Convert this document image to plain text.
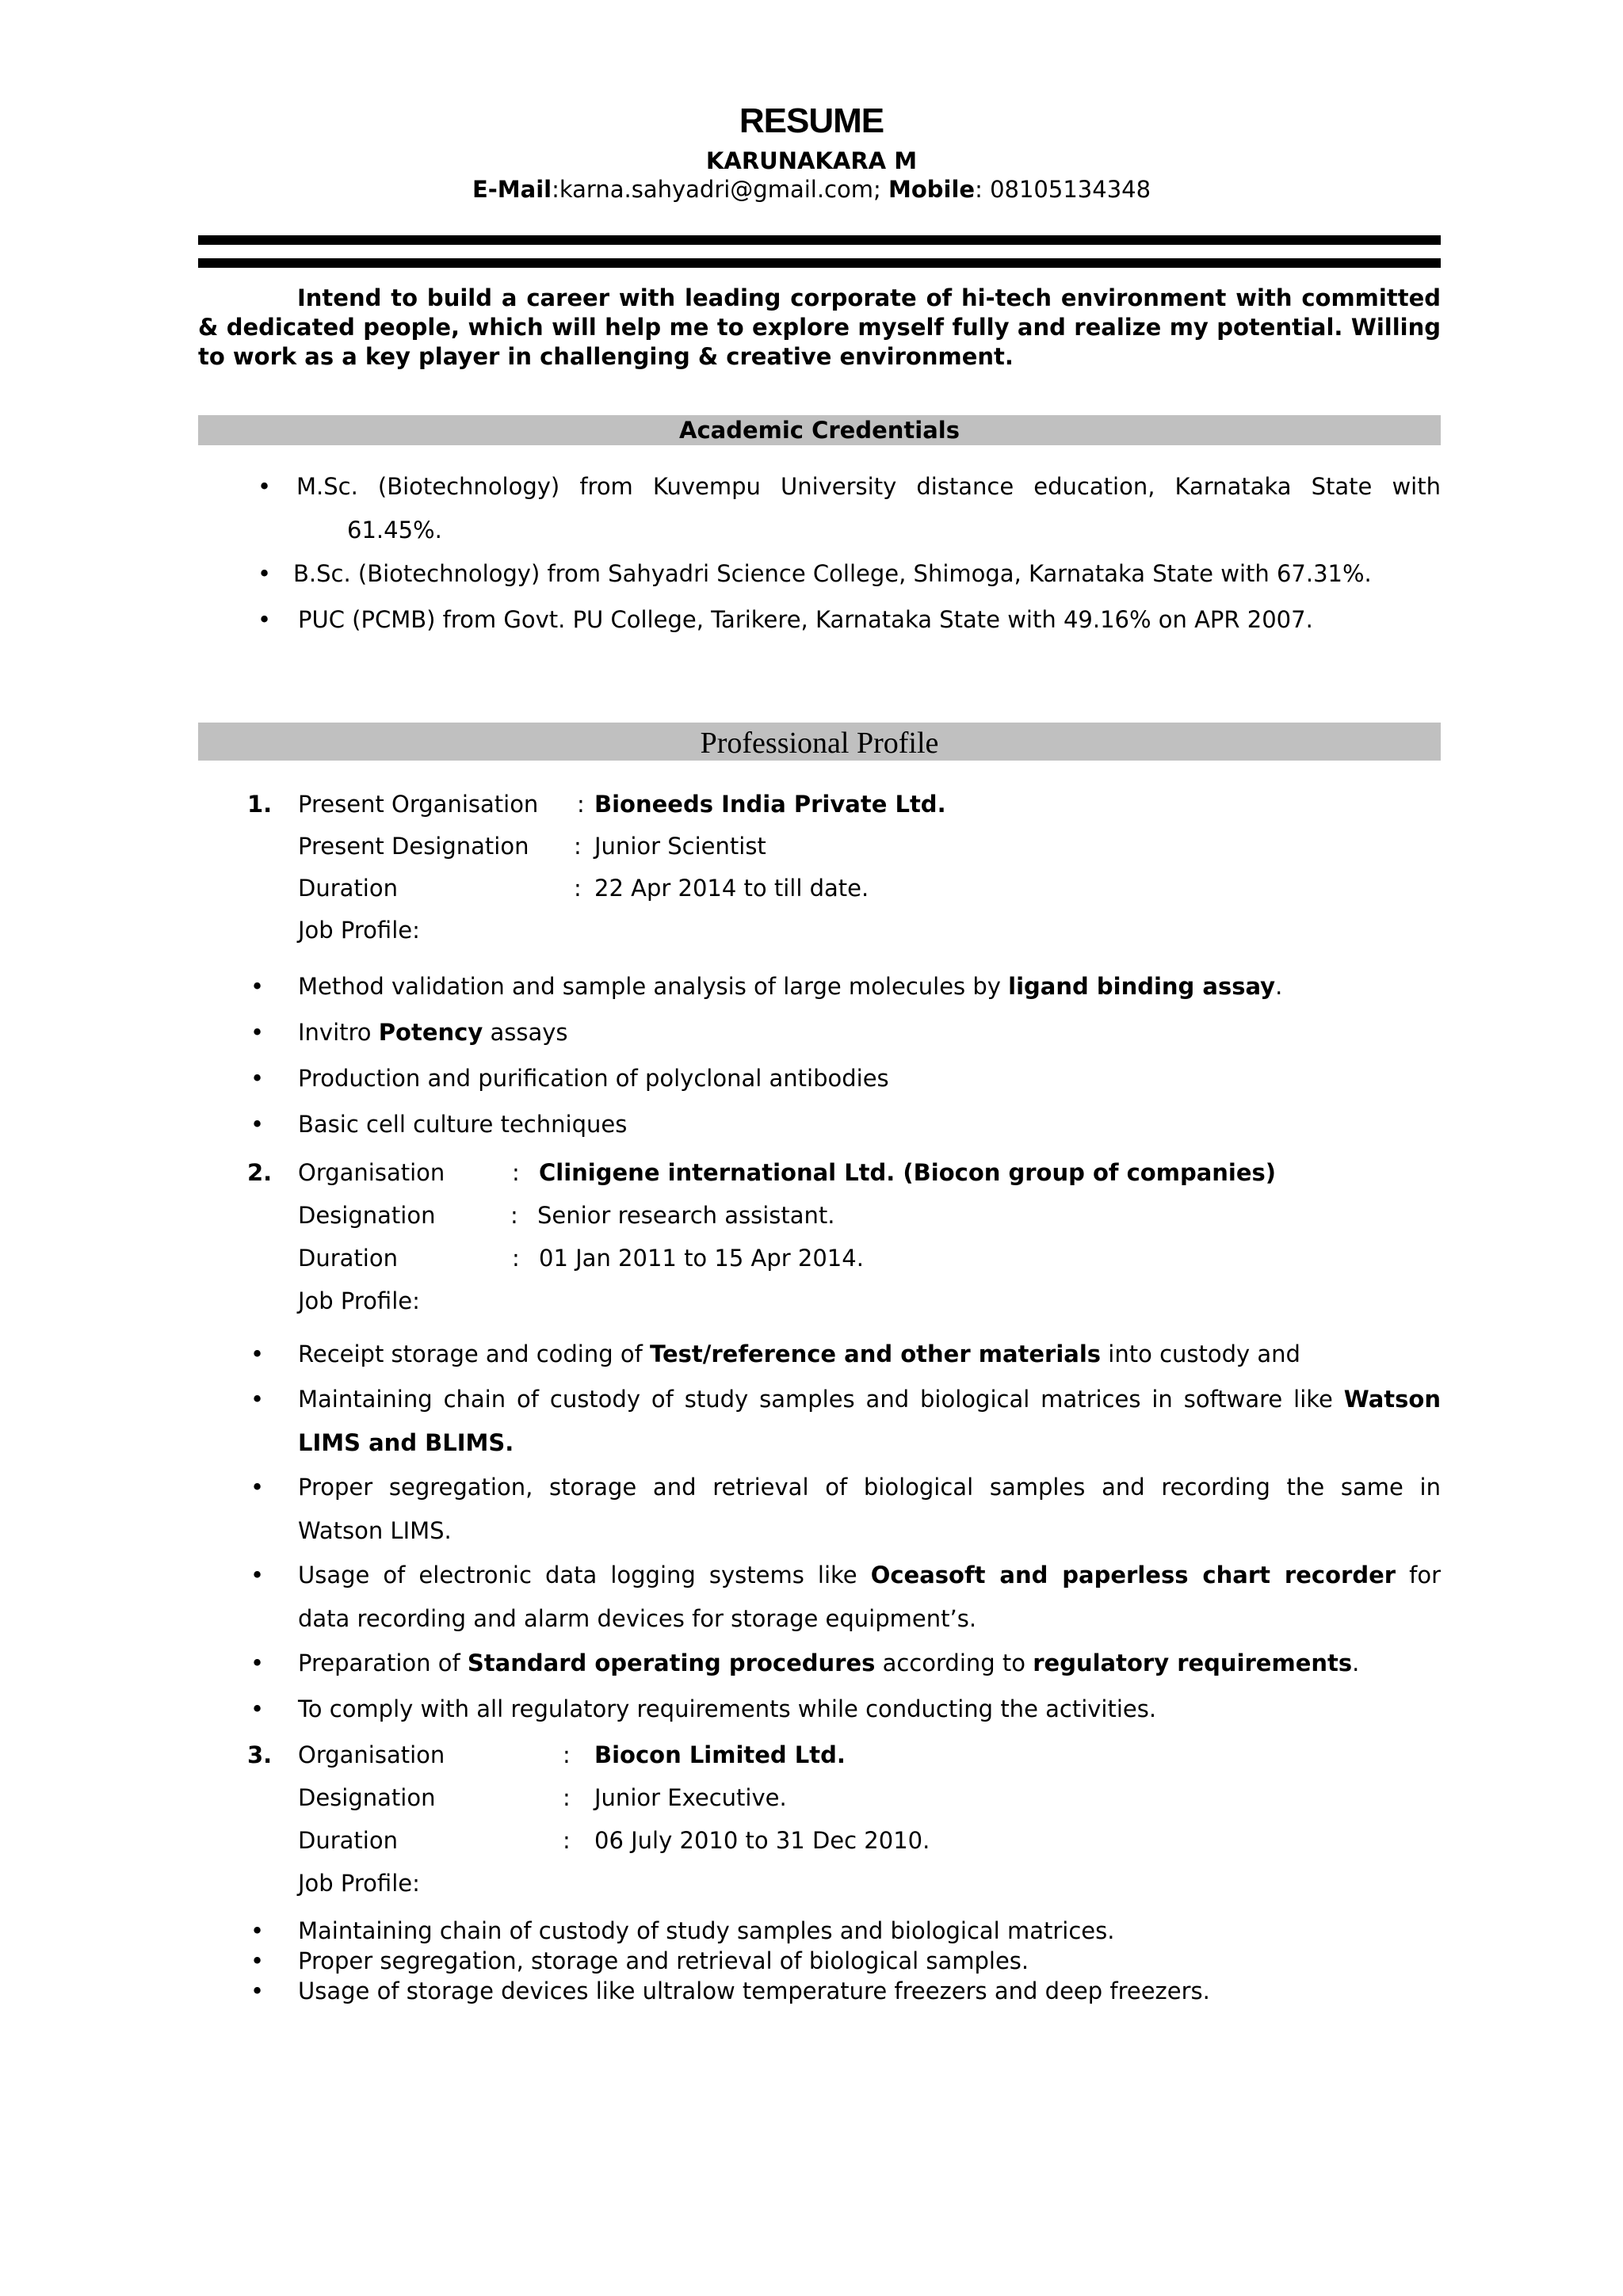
RESUME
KARUNAKARA M
E-Mail:karna.sahyadri@gmail.com; Mobile: 08105134348
Intend to build a career with leading corporate of hi-tech environment with committed & dedicated people, which will help me to explore myself fully and realize my potential. Willing to work as a key player in challenging & creative environment.
Academic Credentials
• M.Sc. (Biotechnology) from Kuvempu University distance education, Karnataka State with
61.45%.
• B.Sc. (Biotechnology) from Sahyadri Science College, Shimoga, Karnataka State with 67.31%.
• PUC (PCMB) from Govt. PU College, Tarikere, Karnataka State with 49.16% on APR 2007.
Professional Profile
1. Present Organisation : Bioneeds India Private Ltd.
Present Designation : Junior Scientist
Duration	: 22 Apr 2014 to till date.
Job Profile:
• Method validation and sample analysis of large molecules by ligand binding assay.
• Invitro Potency assays
• Production and purification of polyclonal antibodies
• Basic cell culture techniques
2. Organisation	: Clinigene international Ltd. (Biocon group of companies)
Designation	: Senior research assistant.
Duration	: 01 Jan 2011 to 15 Apr 2014.
Job Profile:
• Receipt storage and coding of Test/reference and other materials into custody and
• Maintaining chain of custody of study samples and biological matrices in software like Watson
LIMS and BLIMS.
• Proper segregation, storage and retrieval of biological samples and recording the same in
Watson LIMS.
• Usage of electronic data logging systems like Oceasoft and paperless chart recorder for
data recording and alarm devices for storage equipment’s.
• Preparation of Standard operating procedures according to regulatory requirements.
• To comply with all regulatory requirements while conducting the activities.
3. Organisation	: Biocon Limited Ltd.
Designation	: Junior Executive.
Duration	: 06 July 2010 to 31 Dec 2010.
Job Profile:
• Maintaining chain of custody of study samples and biological matrices.
• Proper segregation, storage and retrieval of biological samples.
• Usage of storage devices like ultralow temperature freezers and deep freezers.
